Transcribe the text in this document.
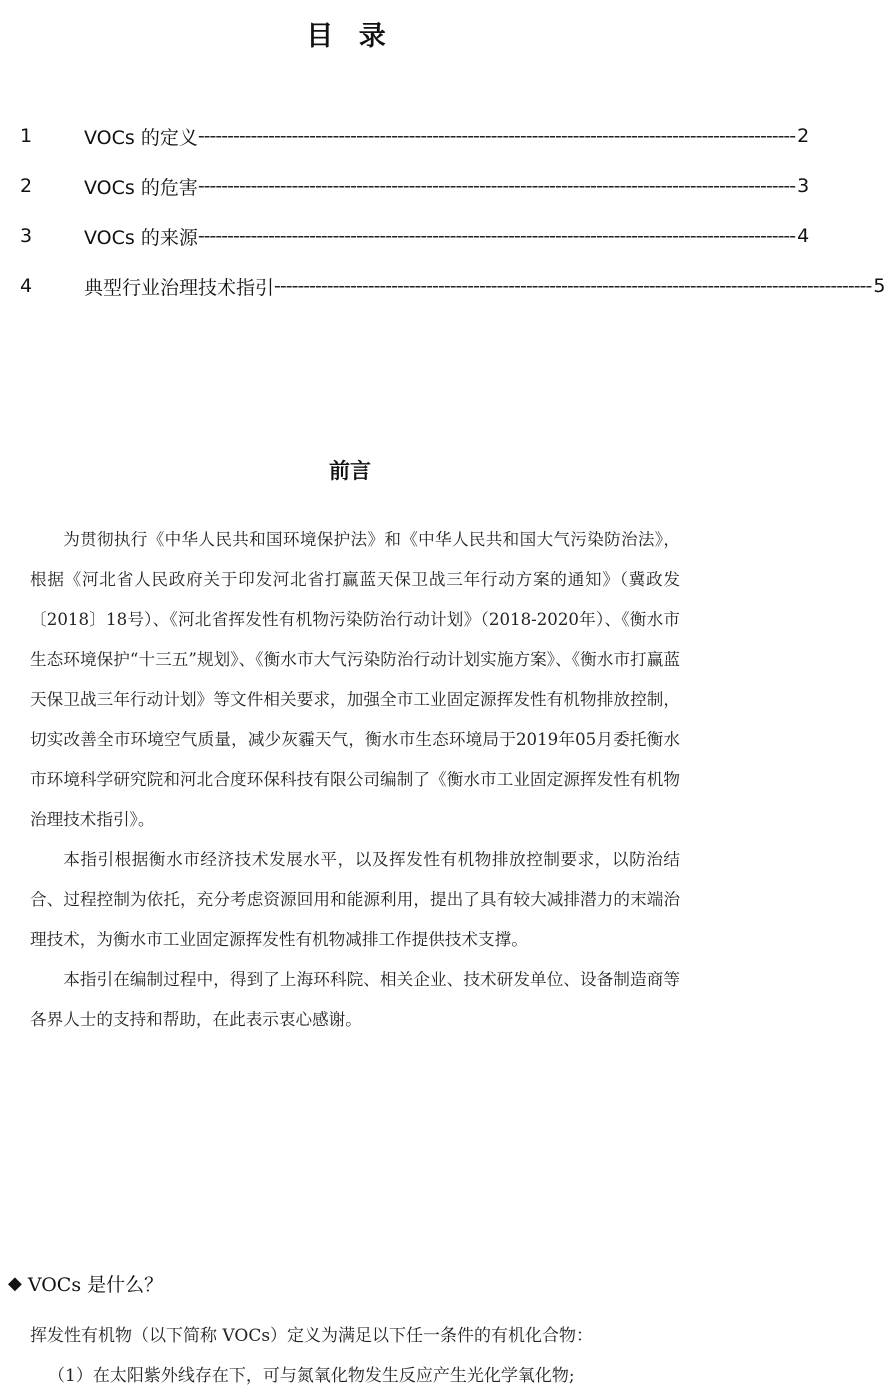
目 录
1	VOCs 的定义 ------------------------------------------------------------------------------------------------------ 2
2	VOCs 的危害 ------------------------------------------------------------------------------------------------------ 3
3	VOCs 的来源 ------------------------------------------------------------------------------------------------------ 4
4	典型行业治理技术指引 ------------------------------------------------------------------------------------------------------ 5
前言

为贯彻执行《中华人民共和国环境保护法》和《中华人民共和国大气污染防治法》，根据《河北省人民政府关于印发河北省打赢蓝天保卫战三年行动方案的通知》（冀政发〔2018〕18号）、《河北省挥发性有机物污染防治行动计划》（2018-2020年）、《衡水市生态环境保护“十三五”规划》、《衡水市大气污染防治行动计划实施方案》、《衡水市打赢蓝天保卫战三年行动计划》等文件相关要求，加强全市工业固定源挥发性有机物排放控制，切实改善全市环境空气质量，减少灰霾天气，衡水市生态环境局于2019年05月委托衡水市环境科学研究院和河北合度环保科技有限公司编制了《衡水市工业固定源挥发性有机物治理技术指引》。

本指引根据衡水市经济技术发展水平，以及挥发性有机物排放控制要求，以防治结合、过程控制为依托，充分考虑资源回用和能源利用，提出了具有较大减排潜力的末端治理技术，为衡水市工业固定源挥发性有机物减排工作提供技术支撑。

本指引在编制过程中，得到了上海环科院、相关企业、技术研发单位、设备制造商等各界人士的支持和帮助，在此表示衷心感谢。

◆ VOCs 是什么？

挥发性有机物（以下简称 VOCs）定义为满足以下任一条件的有机化合物：

（1）在太阳紫外线存在下，可与氮氧化物发生反应产生光化学氧化物;
